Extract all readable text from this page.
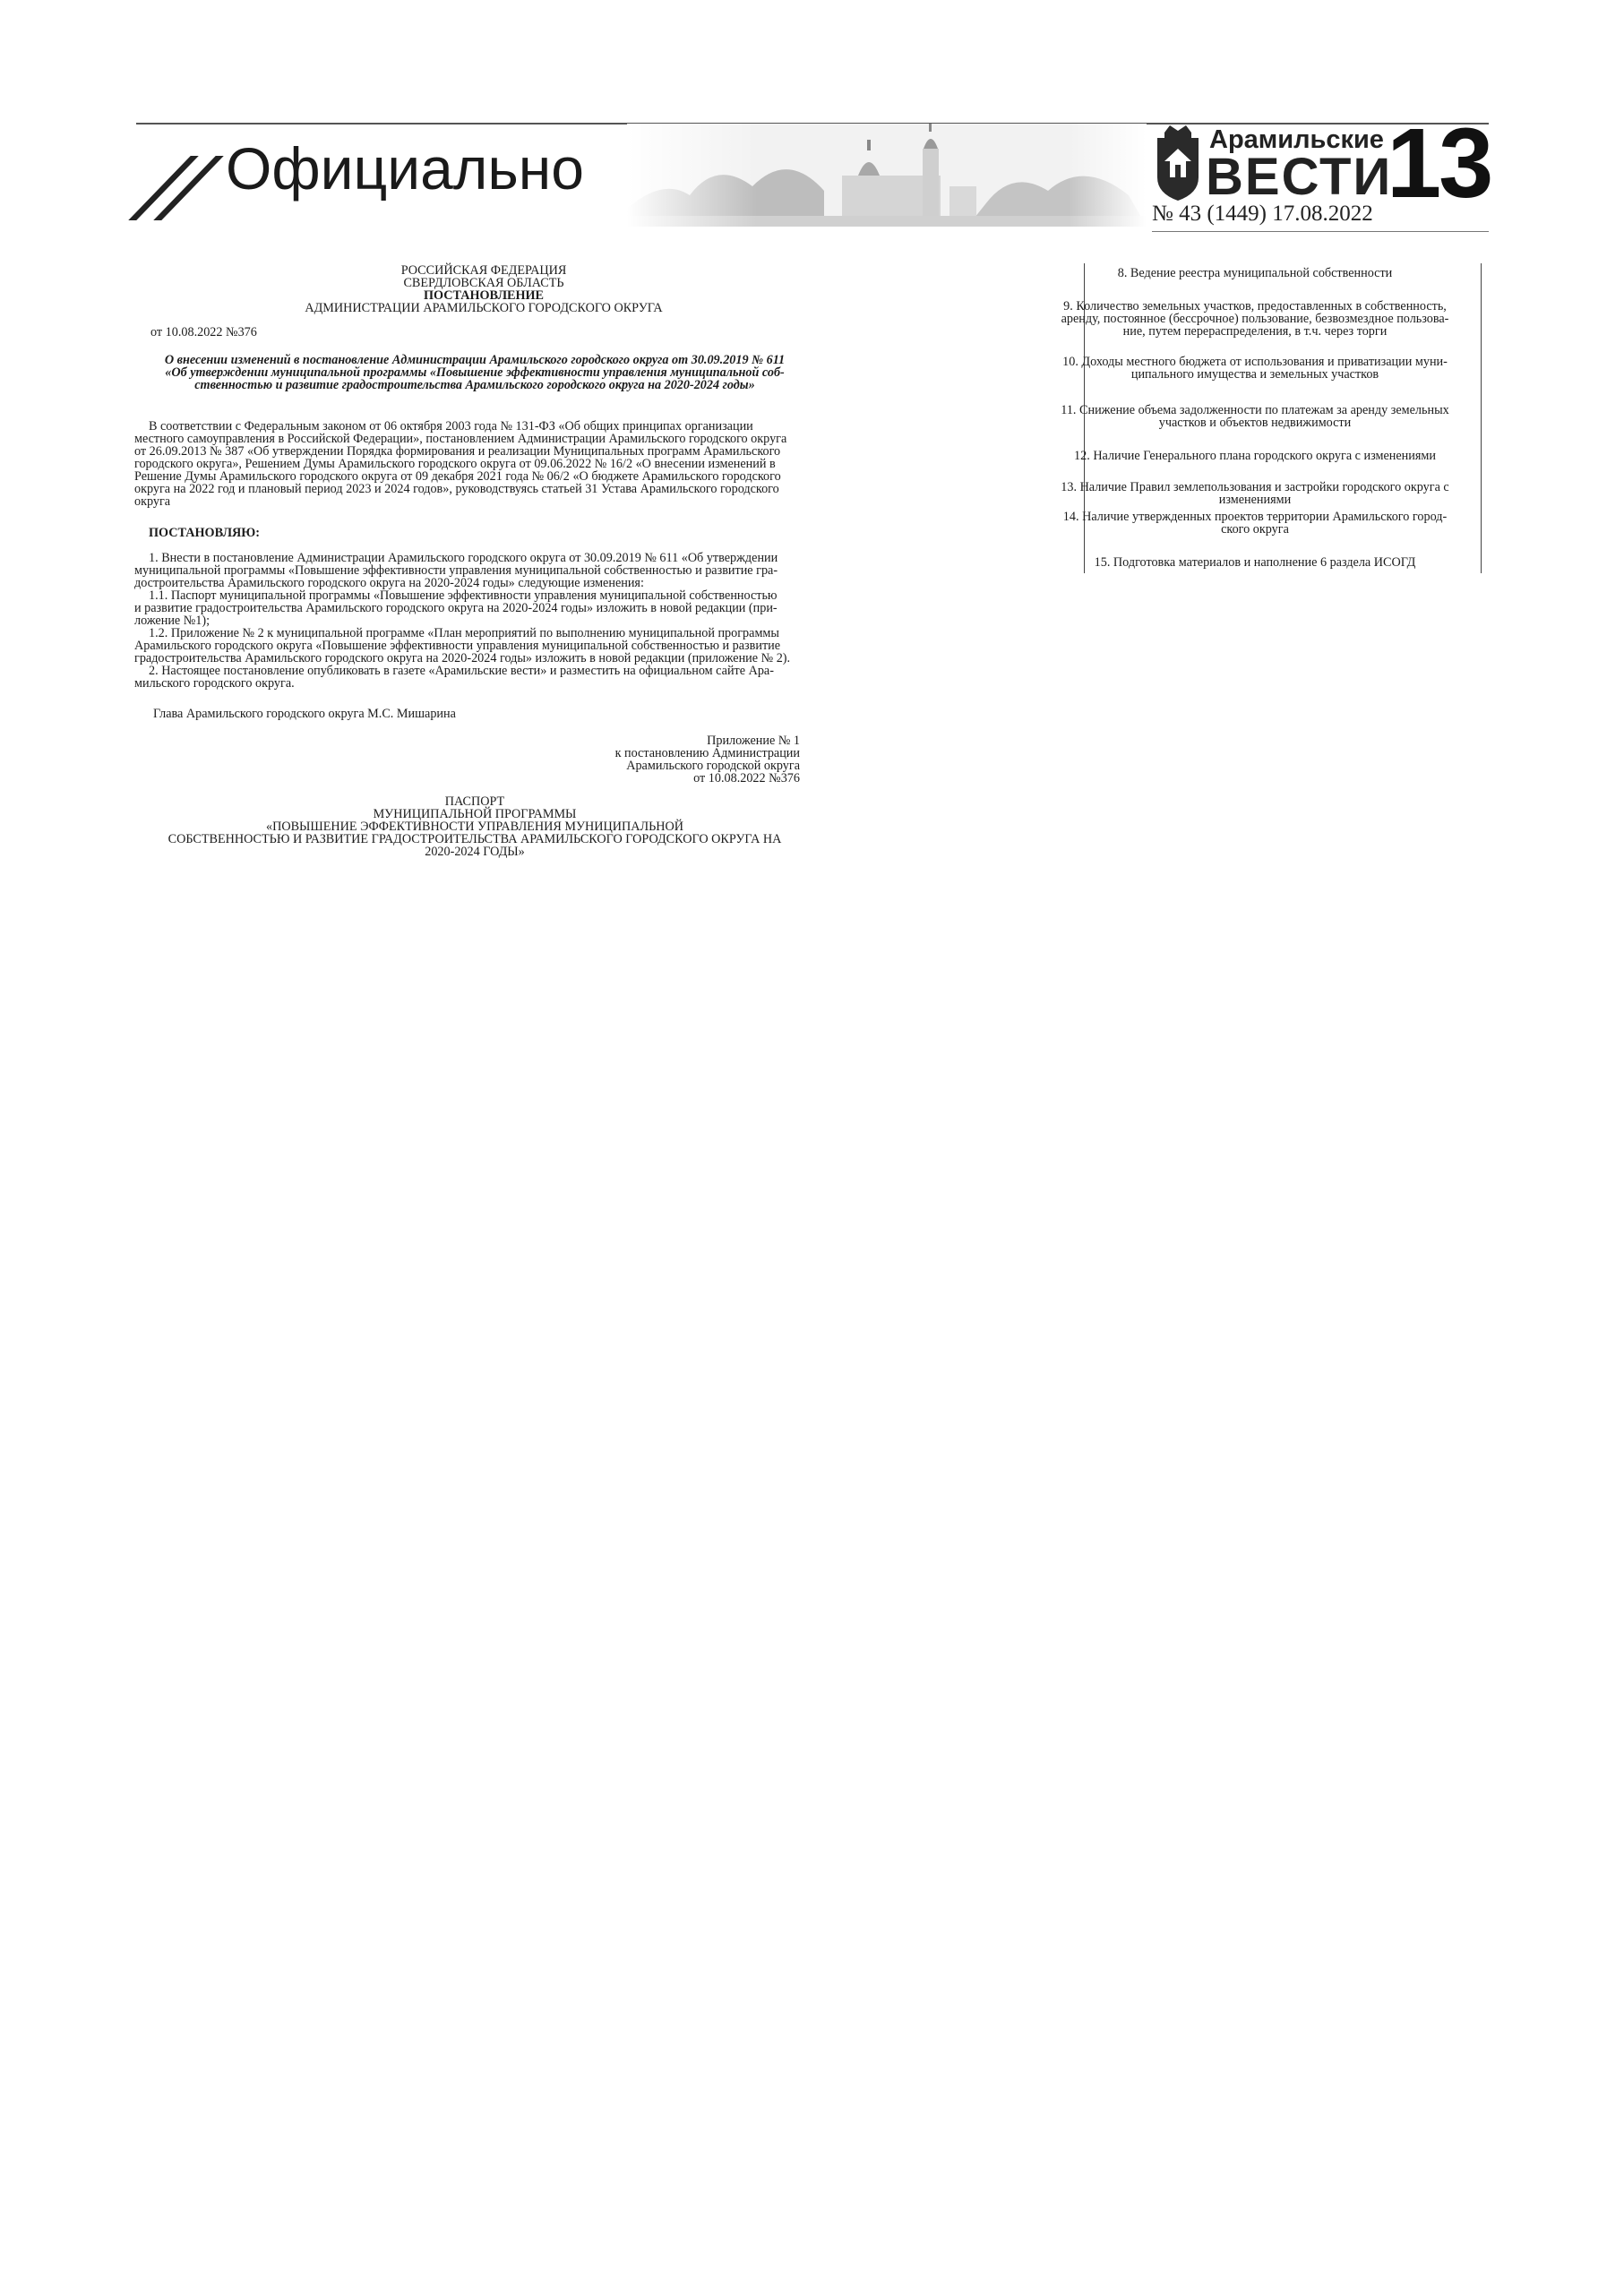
Официально	Арамильские
ВЕСТИ
13
№ 43 (1449) 17.08.2022
РОССИЙСКАЯ ФЕДЕРАЦИЯ
СВЕРДЛОВСКАЯ ОБЛАСТЬ
ПОСТАНОВЛЕНИЕ
АДМИНИСТРАЦИИ АРАМИЛЬСКОГО ГОРОДСКОГО ОКРУГА
от 10.08.2022 №376
О внесении изменений в постановление Администрации Арамильского городского округа от 30.09.2019 № 611
«Об утверждении муниципальной программы «Повышение эффективности управления муниципальной соб-
ственностью и развитие градостроительства Арамильского городского округа на 2020-2024 годы»
В соответствии с Федеральным законом от 06 октября 2003 года № 131-ФЗ «Об общих принципах организации
местного самоуправления в Российской Федерации», постановлением Администрации Арамильского городского округа
от 26.09.2013 № 387 «Об утверждении Порядка формирования и реализации Муниципальных программ Арамильского
городского округа», Решением Думы Арамильского городского округа от 09.06.2022 № 16/2 «О внесении изменений в
Решение Думы Арамильского городского округа от 09 декабря 2021 года № 06/2 «О бюджете Арамильского городского
округа на 2022 год и плановый период 2023 и 2024 годов», руководствуясь статьей 31 Устава Арамильского городского
округа
ПОСТАНОВЛЯЮ:
1. Внести в постановление Администрации Арамильского городского округа от 30.09.2019 № 611 «Об утверждении
муниципальной программы «Повышение эффективности управления муниципальной собственностью и развитие гра-
достроительства Арамильского городского округа на 2020-2024 годы» следующие изменения:
1.1. Паспорт муниципальной программы «Повышение эффективности управления муниципальной собственностью
и развитие градостроительства Арамильского городского округа на 2020-2024 годы» изложить в новой редакции (при-
ложение №1);
1.2. Приложение № 2 к муниципальной программе «План мероприятий по выполнению муниципальной программы
Арамильского городского округа «Повышение эффективности управления муниципальной собственностью и развитие
градостроительства Арамильского городского округа на 2020-2024 годы» изложить в новой редакции (приложение № 2).
2. Настоящее постановление опубликовать в газете «Арамильские вести» и разместить на официальном сайте Ара-
мильского городского округа.
Глава Арамильского городского округа М.С. Мишарина
Приложение № 1
к постановлению Администрации
Арамильского городской округа
от 10.08.2022 №376
ПАСПОРТ
МУНИЦИПАЛЬНОЙ ПРОГРАММЫ
«ПОВЫШЕНИЕ ЭФФЕКТИВНОСТИ УПРАВЛЕНИЯ МУНИЦИПАЛЬНОЙ
СОБСТВЕННОСТЬЮ И РАЗВИТИЕ ГРАДОСТРОИТЕЛЬСТВА АРАМИЛЬСКОГО ГОРОДСКОГО ОКРУГА НА
2020-2024 ГОДЫ»
8. Ведение реестра муниципальной собственности
9. Количество земельных участков, предоставленных в собственность,
аренду, постоянное (бессрочное) пользование, безвозмездное пользова-
ние, путем перераспределения, в т.ч. через торги
10. Доходы местного бюджета от использования и приватизации муни-
ципального имущества и земельных участков
11. Снижение объема задолженности по платежам за аренду земельных
участков и объектов недвижимости
12. Наличие Генерального плана городского округа с изменениями
13. Наличие Правил землепользования и застройки городского округа с
изменениями
14. Наличие утвержденных проектов территории Арамильского город-
ского округа
15. Подготовка материалов и наполнение 6 раздела ИСОГД
